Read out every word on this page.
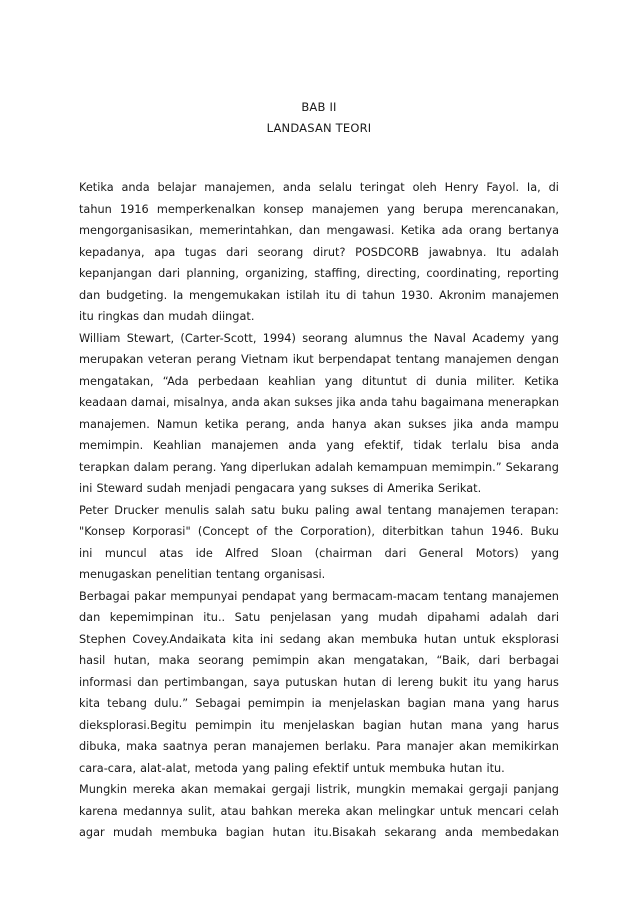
BAB II
LANDASAN TEORI
Ketika anda belajar manajemen, anda selalu teringat oleh Henry Fayol. Ia, di
tahun 1916 memperkenalkan konsep manajemen yang berupa merencanakan,
mengorganisasikan, memerintahkan, dan mengawasi. Ketika ada orang bertanya
kepadanya, apa tugas dari seorang dirut? POSDCORB jawabnya. Itu adalah
kepanjangan dari planning, organizing, staffing, directing, coordinating, reporting
dan budgeting. Ia mengemukakan istilah itu di tahun 1930. Akronim manajemen
itu ringkas dan mudah diingat.
William Stewart, (Carter-Scott, 1994) seorang alumnus the Naval Academy yang
merupakan veteran perang Vietnam ikut berpendapat tentang manajemen dengan
mengatakan, “Ada perbedaan keahlian yang dituntut di dunia militer. Ketika
keadaan damai, misalnya, anda akan sukses jika anda tahu bagaimana menerapkan
manajemen. Namun ketika perang, anda hanya akan sukses jika anda mampu
memimpin. Keahlian manajemen anda yang efektif, tidak terlalu bisa anda
terapkan dalam perang. Yang diperlukan adalah kemampuan memimpin.” Sekarang
ini Steward sudah menjadi pengacara yang sukses di Amerika Serikat.
Peter Drucker menulis salah satu buku paling awal tentang manajemen terapan:
"Konsep Korporasi" (Concept of the Corporation), diterbitkan tahun 1946. Buku
ini muncul atas ide Alfred Sloan (chairman dari General Motors) yang
menugaskan penelitian tentang organisasi.
Berbagai pakar mempunyai pendapat yang bermacam-macam tentang manajemen
dan kepemimpinan itu.. Satu penjelasan yang mudah dipahami adalah dari
Stephen Covey.Andaikata kita ini sedang akan membuka hutan untuk eksplorasi
hasil hutan, maka seorang pemimpin akan mengatakan, “Baik, dari berbagai
informasi dan pertimbangan, saya putuskan hutan di lereng bukit itu yang harus
kita tebang dulu.” Sebagai pemimpin ia menjelaskan bagian mana yang harus
dieksplorasi.Begitu pemimpin itu menjelaskan bagian hutan mana yang harus
dibuka, maka saatnya peran manajemen berlaku. Para manajer akan memikirkan
cara-cara, alat-alat, metoda yang paling efektif untuk membuka hutan itu.
Mungkin mereka akan memakai gergaji listrik, mungkin memakai gergaji panjang
karena medannya sulit, atau bahkan mereka akan melingkar untuk mencari celah
agar mudah membuka bagian hutan itu.Bisakah sekarang anda membedakan
